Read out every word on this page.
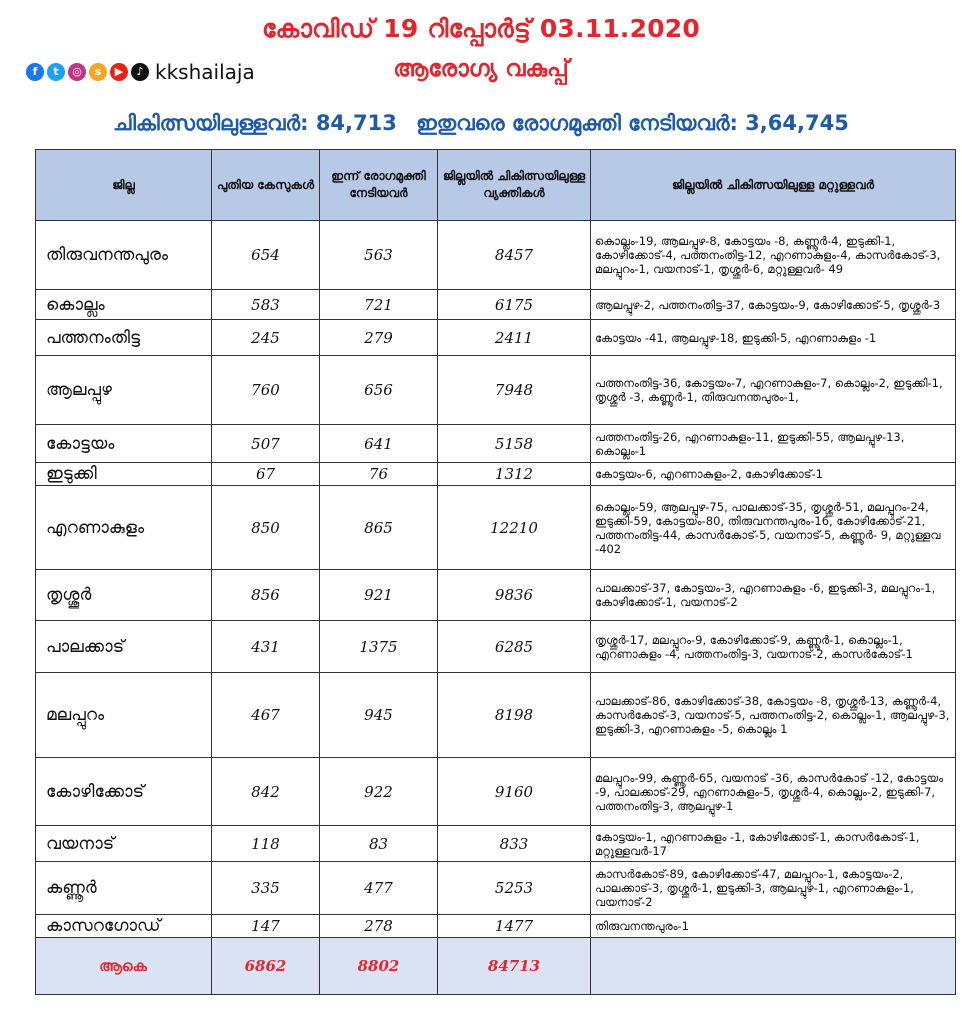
കോവിഡ് 19 റിപ്പോർട്ട് 03.11.2020
f	t	◎	s	▶	♪ kkshailaja	ആരോഗ്യ വകുപ്പ്
ചികിത്സയിലുള്ളവർ: 84,713 ഇതുവരെ രോഗമുക്തി നേടിയവർ: 3,64,745
ജില്ല	പുതിയ കേസുകൾ	ഇന്ന് രോഗമുക്തി നേടിയവർ	ജില്ലയിൽ ചികിത്സയിലുള്ള വ്യക്തികൾ	ജില്ലയിൽ ചികിത്സയിലുള്ള മറ്റുള്ളവർ
തിരുവനന്തപുരം	654	563	8457	കൊല്ലം-19, ആലപ്പുഴ-8, കോട്ടയം -8, കണ്ണൂർ-4, ഇടുക്കി-1, കോഴിക്കോട്-4, പത്തനംതിട്ട-12, എറണാകുളം-4, കാസർകോട്-3, മലപ്പുറം-1, വയനാട്-1, തൃശ്ശൂർ-6, മറ്റുള്ളവർ- 49
കൊല്ലം	583	721	6175	ആലപ്പുഴ-2, പത്തനംതിട്ട-37, കോട്ടയം-9, കോഴിക്കോട്-5, തൃശ്ശൂർ-3
പത്തനംതിട്ട	245	279	2411	കോട്ടയം -41, ആലപ്പുഴ-18, ഇടുക്കി-5, എറണാകുളം -1
ആലപ്പുഴ	760	656	7948	പത്തനംതിട്ട-36, കോട്ടയം-7, എറണാകുളം-7, കൊല്ലം-2, ഇടുക്കി-1, തൃശ്ശൂർ -3, കണ്ണൂർ-1, തിരുവനന്തപുരം-1,
കോട്ടയം	507	641	5158	പത്തനംതിട്ട-26, എറണാകുളം-11, ഇടുക്കി-55, ആലപ്പുഴ-13, കൊല്ലം-1
ഇടുക്കി	67	76	1312	കോട്ടയം-6, എറണാകുളം-2, കോഴിക്കോട്-1
എറണാകുളം	850	865	12210	കൊല്ലം-59, ആലപ്പുഴ-75, പാലക്കാട്-35, തൃശ്ശൂർ-51, മലപ്പുറം-24, ഇടുക്കി-59, കോട്ടയം-80, തിരുവനന്തപുരം-16, കോഴിക്കോട്-21, പത്തനംതിട്ട-44, കാസർകോട്-5, വയനാട്-5, കണ്ണൂർ- 9, മറ്റുള്ളവ -402
തൃശ്ശൂർ	856	921	9836	പാലക്കാട്-37, കോട്ടയം-3, എറണാകുളം -6, ഇടുക്കി-3, മലപ്പുറം-1, കോഴിക്കോട്-1, വയനാട്-2
പാലക്കാട്	431	1375	6285	തൃശ്ശൂർ-17, മലപ്പുറം-9, കോഴിക്കോട്-9, കണ്ണൂർ-1, കൊല്ലം-1, എറണാകുളം -4, പത്തനംതിട്ട-3, വയനാട്-2, കാസർകോട്-1
മലപ്പുറം	467	945	8198	പാലക്കാട്-86, കോഴിക്കോട്-38, കോട്ടയം -8, തൃശ്ശൂർ-13, കണ്ണൂർ-4, കാസർകോട്-3, വയനാട്-5, പത്തനംതിട്ട-2, കൊല്ലം-1, ആലപ്പുഴ-3, ഇടുക്കി-3, എറണാകുളം -5, കൊല്ലം 1
കോഴിക്കോട്	842	922	9160	മലപ്പുറം-99, കണ്ണൂർ-65, വയനാട് -36, കാസർകോട് -12, കോട്ടയം -9, പാലക്കാട്-29, എറണാകുളം-5, തൃശ്ശൂർ-4, കൊല്ലം-2, ഇടുക്കി-7, പത്തനംതിട്ട-3, ആലപ്പുഴ-1
വയനാട്	118	83	833	കോട്ടയം-1, എറണാകുളം -1, കോഴിക്കോട്-1, കാസർകോട്-1, മറ്റുള്ളവർ-17
കണ്ണൂർ	335	477	5253	കാസർകോട്-89, കോഴിക്കോട്-47, മലപ്പുറം-1, കോട്ടയം-2, പാലക്കാട്-3, തൃശ്ശൂർ-1, ഇടുക്കി-3, ആലപ്പുഴ-1, എറണാകുളം-1, വയനാട്-2
കാസറഗോഡ്	147	278	1477	തിരുവനന്തപുരം-1
ആകെ	6862	8802	84713	
